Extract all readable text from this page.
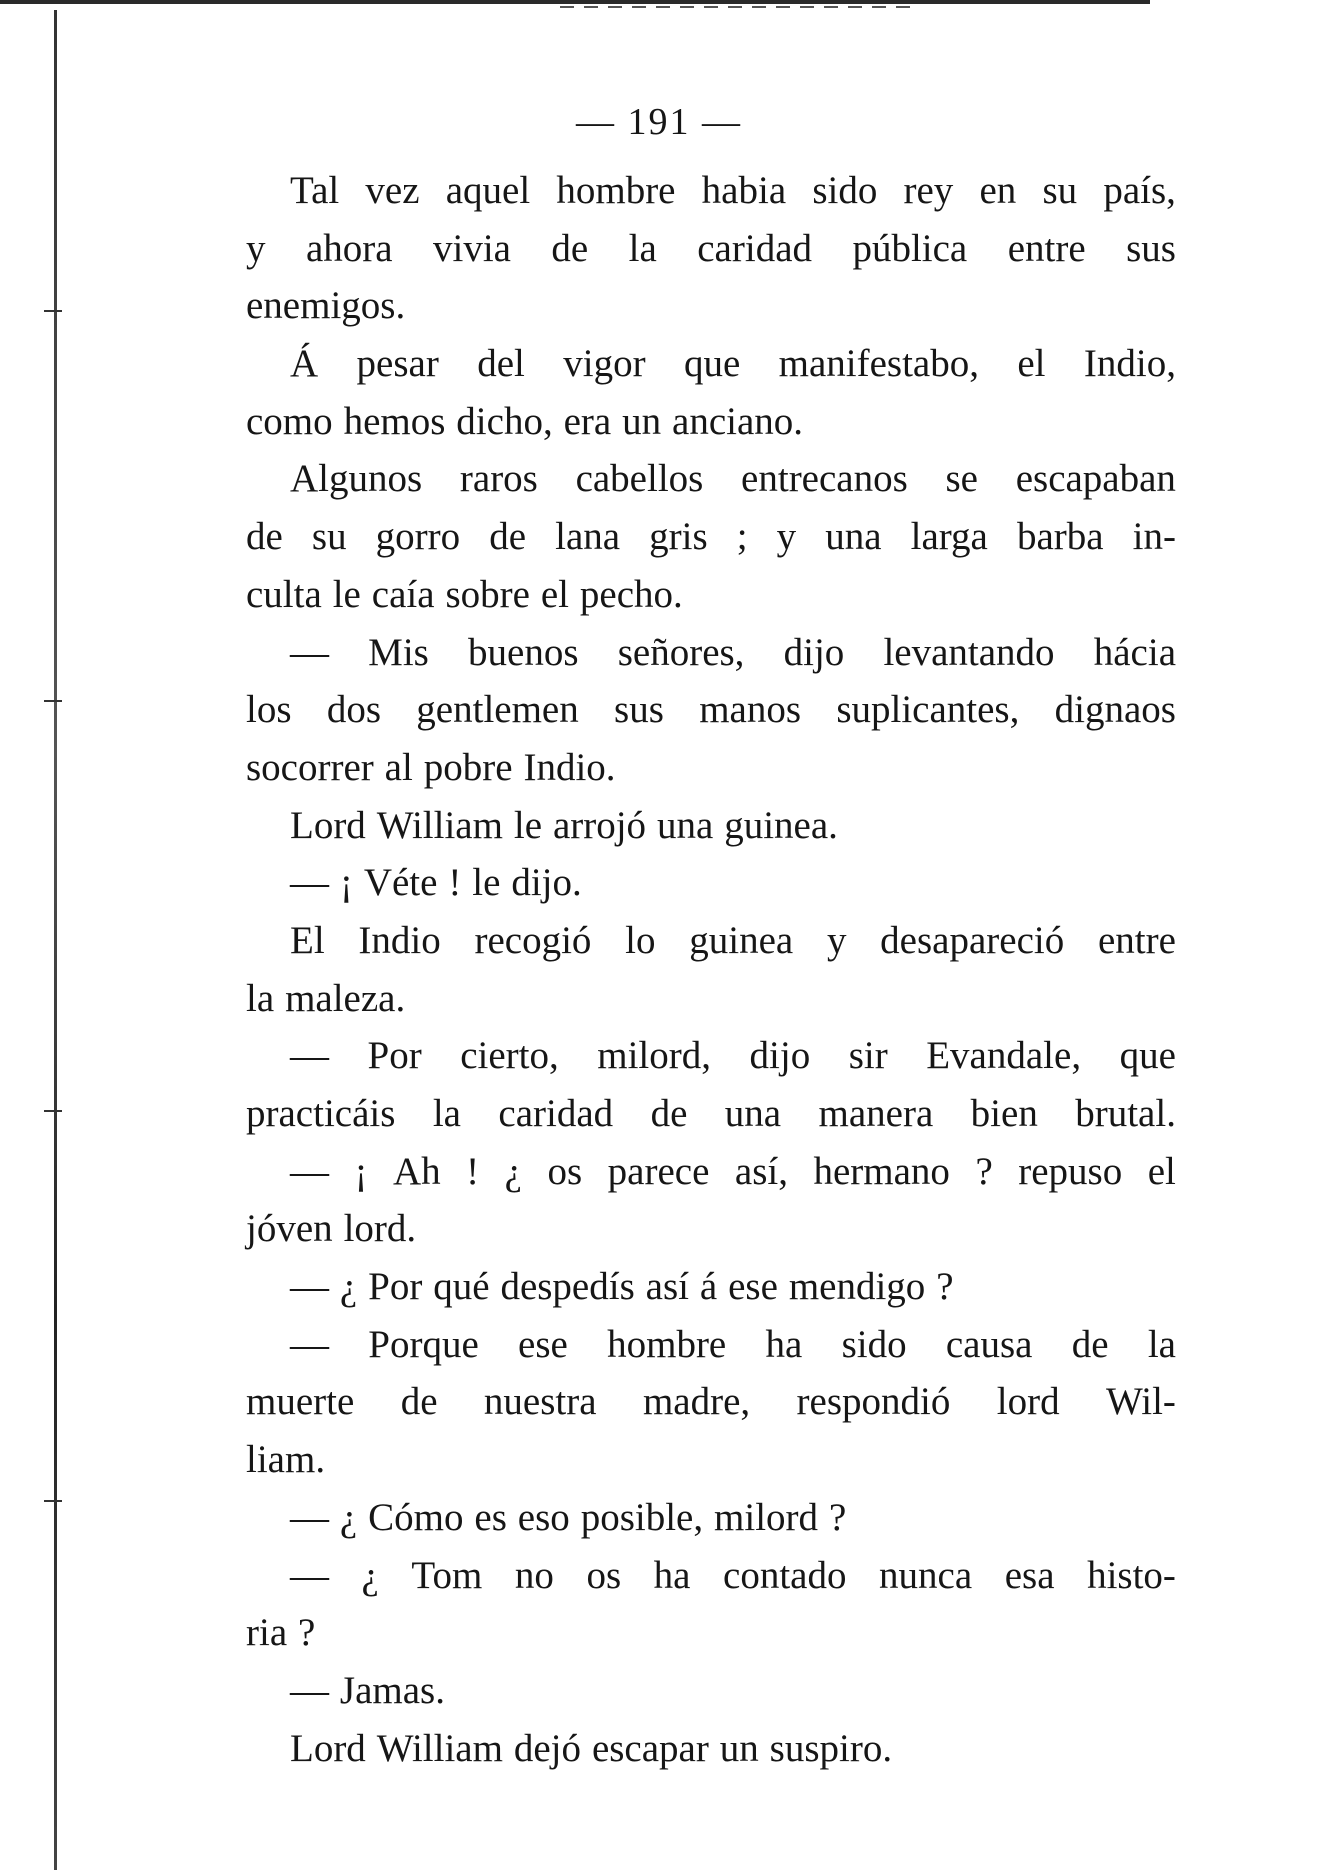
— 191 —
Tal vez aquel hombre habia sido rey en su país,
y ahora vivia de la caridad pública entre sus
enemigos.
Á pesar del vigor que manifestabo, el Indio,
como hemos dicho, era un anciano.
Algunos raros cabellos entrecanos se escapaban
de su gorro de lana gris ; y una larga barba in-
culta le caía sobre el pecho.
— Mis buenos señores, dijo levantando hácia
los dos gentlemen sus manos suplicantes, dignaos
socorrer al pobre Indio.
Lord William le arrojó una guinea.
— ¡ Véte ! le dijo.
El Indio recogió lo guinea y desapareció entre
la maleza.
— Por cierto, milord, dijo sir Evandale, que
practicáis la caridad de una manera bien brutal.
— ¡ Ah ! ¿ os parece así, hermano ? repuso el
jóven lord.
— ¿ Por qué despedís así á ese mendigo ?
— Porque ese hombre ha sido causa de la
muerte de nuestra madre, respondió lord Wil-
liam.
— ¿ Cómo es eso posible, milord ?
— ¿ Tom no os ha contado nunca esa histo-
ria ?
— Jamas.
Lord William dejó escapar un suspiro.
